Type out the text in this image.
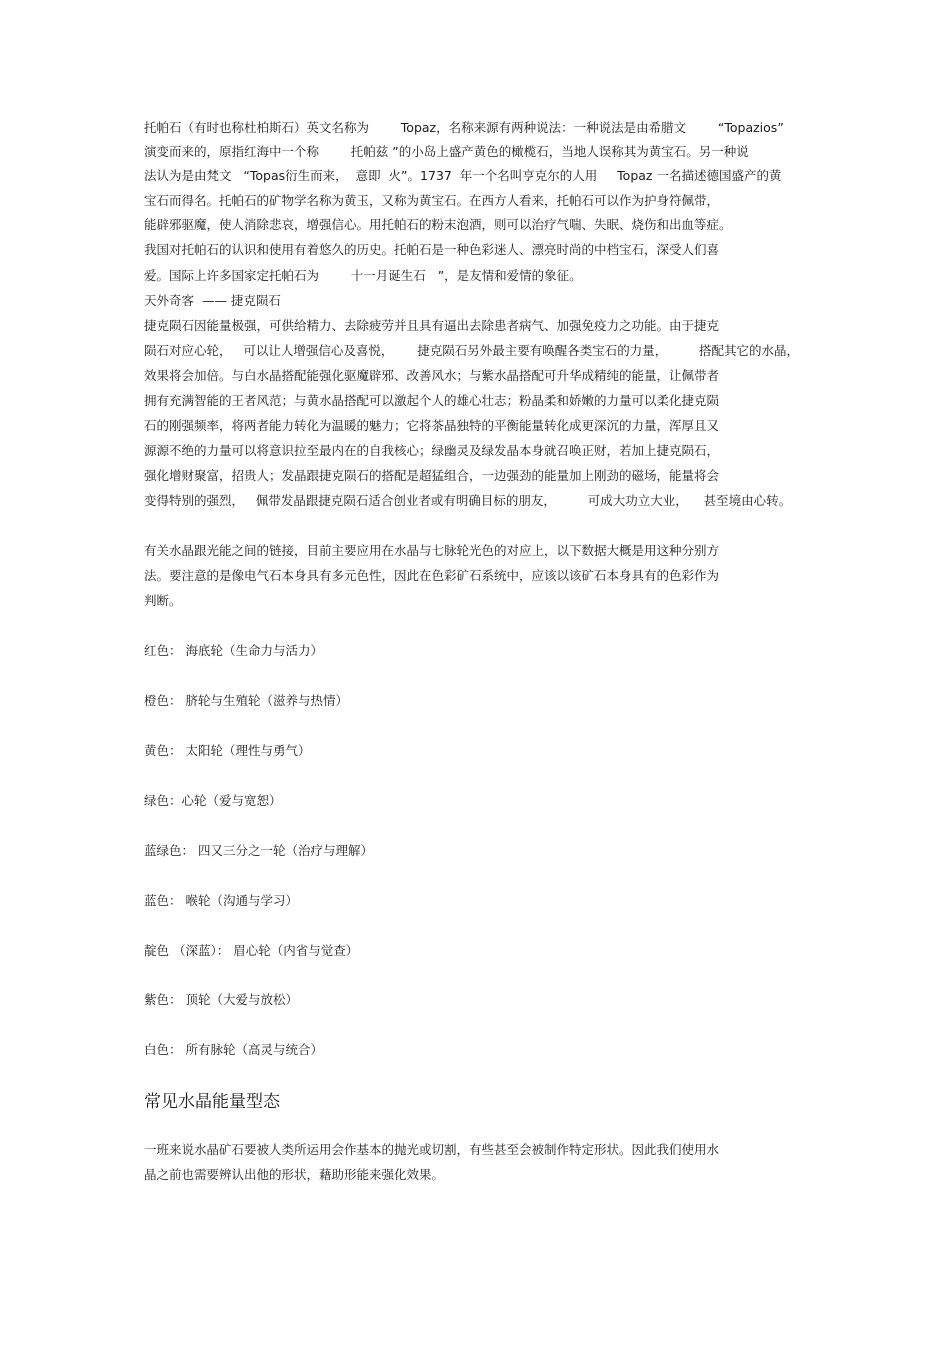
托帕石（有时也称杜柏斯石）英文名称为        Topaz，名称来源有两种说法：一种说法是由希腊文        “Topazios”
演变而来的，原指红海中一个称        托帕兹 ”的小岛上盛产黄色的橄榄石，当地人误称其为黄宝石。另一种说
法认为是由梵文   “Topas衍生而来，  意即  火”。1737  年一个名叫亨克尔的人用     Topaz 一名描述德国盛产的黄
宝石而得名。托帕石的矿物学名称为黄玉，又称为黄宝石。在西方人看来，托帕石可以作为护身符佩带，
能辟邪驱魔，使人消除悲哀，增强信心。用托帕石的粉末泡酒，则可以治疗气喘、失眠、烧伤和出血等症。
我国对托帕石的认识和使用有着悠久的历史。托帕石是一种色彩迷人、漂亮时尚的中档宝石，深受人们喜
爱。国际上许多国家定托帕石为        十一月诞生石   ”，是友情和爱情的象征。
天外奇客  —— 捷克陨石
捷克陨石因能量极强，可供给精力、去除疲劳并且具有逼出去除患者病气、加强免疫力之功能。由于捷克
陨石对应心轮，   可以让人增强信心及喜悦，      捷克陨石另外最主要有唤醒各类宝石的力量，        搭配其它的水晶，
效果将会加倍。与白水晶搭配能强化驱魔辟邪、改善风水；与紫水晶搭配可升华成精纯的能量，让佩带者
拥有充满智能的王者风范；与黄水晶搭配可以激起个人的雄心壮志；粉晶柔和娇嫩的力量可以柔化捷克陨
石的刚强频率，将两者能力转化为温暖的魅力；它将茶晶独特的平衡能量转化成更深沉的力量，浑厚且又
源源不绝的力量可以将意识拉至最内在的自我核心；绿幽灵及绿发晶本身就召唤正财，若加上捷克陨石，
强化增财聚富，招贵人；发晶跟捷克陨石的搭配是超猛组合，一边强劲的能量加上刚劲的磁场，能量将会
变得特别的强烈，   佩带发晶跟捷克陨石适合创业者或有明确目标的朋友，        可成大功立大业，    甚至境由心转。
有关水晶跟光能之间的链接，目前主要应用在水晶与七脉轮光色的对应上，以下数据大概是用这种分别方
法。要注意的是像电气石本身具有多元色性，因此在色彩矿石系统中，应该以该矿石本身具有的色彩作为
判断。
红色： 海底轮（生命力与活力）
橙色： 脐轮与生殖轮（滋养与热情）
黄色： 太阳轮（理性与勇气）
绿色：心轮（爱与宽恕）
蓝绿色： 四又三分之一轮（治疗与理解）
蓝色： 喉轮（沟通与学习）
靛色 （深蓝）： 眉心轮（内省与觉查）
紫色： 顶轮（大爱与放松）
白色： 所有脉轮（高灵与统合）
常见水晶能量型态
一班来说水晶矿石要被人类所运用会作基本的抛光或切割，有些甚至会被制作特定形状。因此我们使用水
晶之前也需要辨认出他的形状，藉助形能来强化效果。
